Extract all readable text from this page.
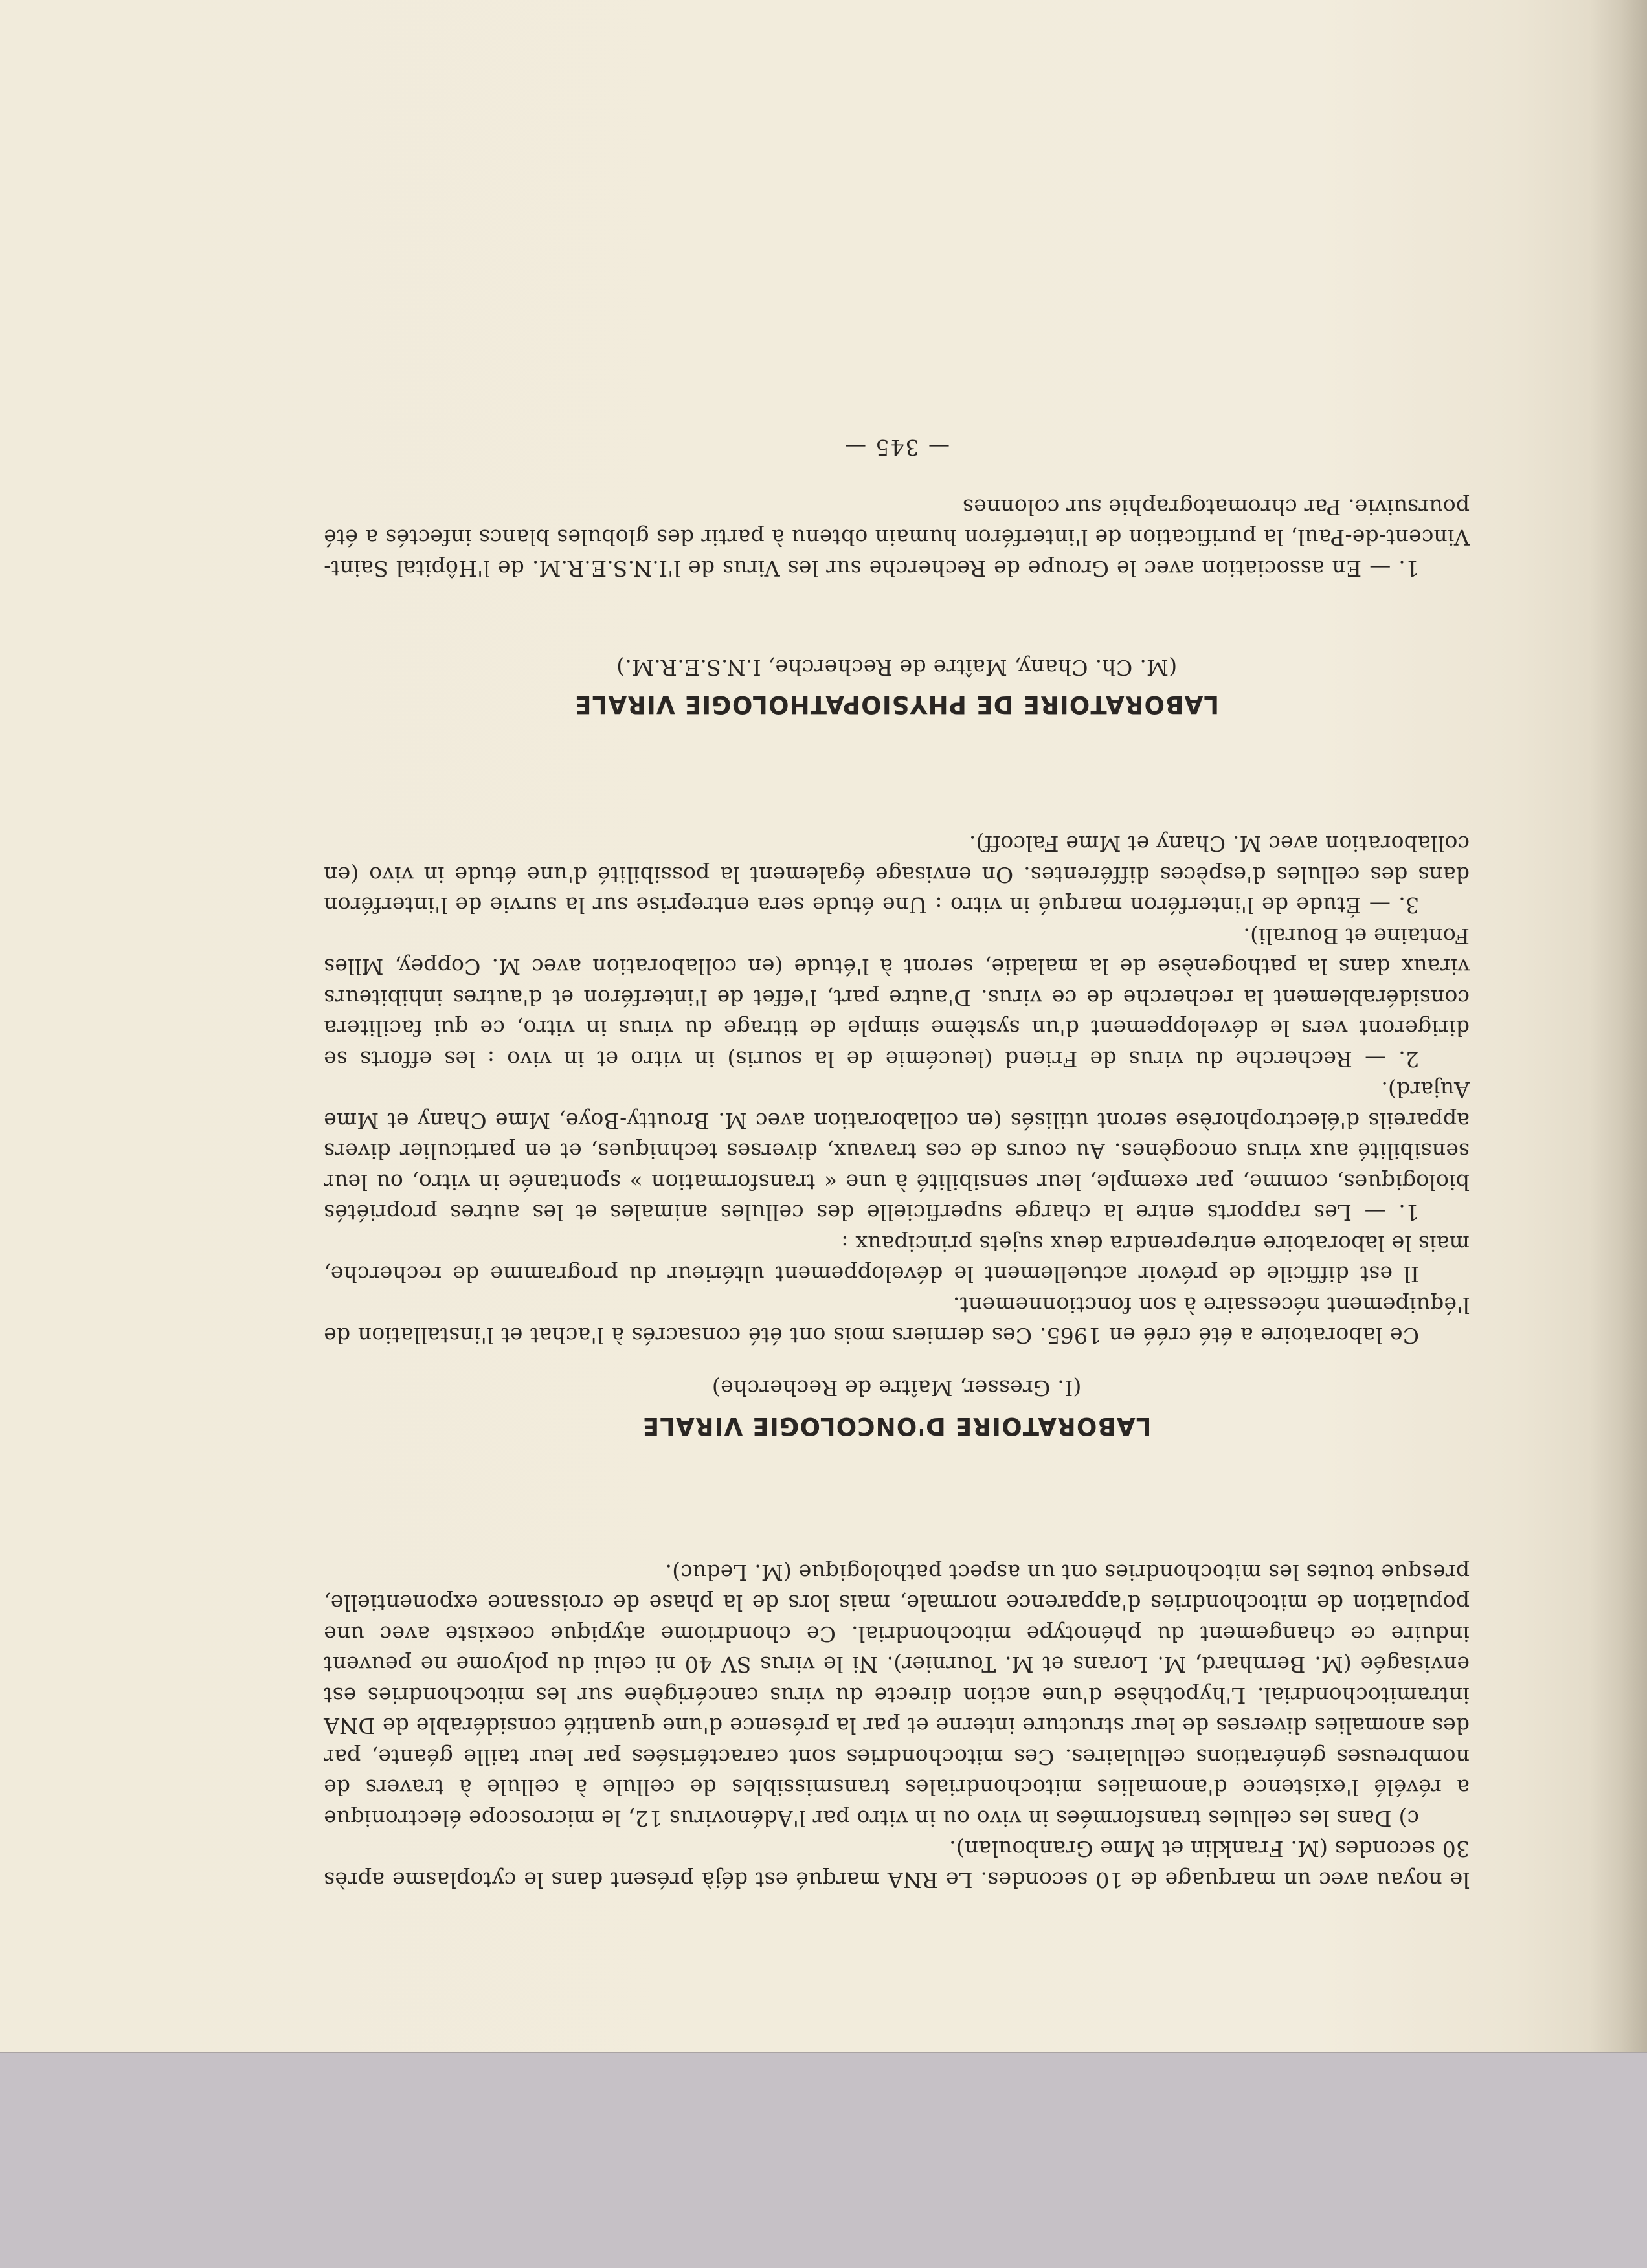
le noyau avec un marquage de 10 secondes. Le RNA marqué est déjà présent dans le cytoplasme après 30 secondes (M. Franklin et Mme Granboulan).

c) Dans les cellules transformées in vivo ou in vitro par l'Adénovirus 12, le microscope électronique a révélé l'existence d'anomalies mitochondriales transmissibles de cellule à cellule à travers de nombreuses générations cellulaires. Ces mitochondries sont caractérisées par leur taille géante, par des anomalies diverses de leur structure interne et par la présence d'une quantité considérable de DNA intramitochondrial. L'hypothèse d'une action directe du virus cancérigène sur les mitochondries est envisagée (M. Bernhard, M. Lorans et M. Tournier). Ni le virus SV 40 ni celui du polyome ne peuvent induire ce changement du phénotype mitochondrial. Ce chondriome atypique coexiste avec une population de mitochondries d'apparence normale, mais lors de la phase de croissance exponentielle, presque toutes les mitochondries ont un aspect pathologique (M. Leduc).

LABORATOIRE D'ONCOLOGIE VIRALE

(I. Gresser, Maître de Recherche)

Ce laboratoire a été créé en 1965. Ces derniers mois ont été consacrés à l'achat et l'installation de l'équipement nécessaire à son fonctionnement.

Il est difficile de prévoir actuellement le développement ultérieur du programme de recherche, mais le laboratoire entreprendra deux sujets principaux :

1. — Les rapports entre la charge superficielle des cellules animales et les autres propriétés biologiques, comme, par exemple, leur sensibilité à une « transformation » spontanée in vitro, ou leur sensibilité aux virus oncogènes. Au cours de ces travaux, diverses techniques, et en particulier divers appareils d'électrophorèse seront utilisés (en collaboration avec M. Broutty-Boye, Mme Chany et Mme Aujard).

2. — Recherche du virus de Friend (leucémie de la souris) in vitro et in vivo : les efforts se dirigeront vers le développement d'un système simple de titrage du virus in vitro, ce qui facilitera considérablement la recherche de ce virus. D'autre part, l'effet de l'interféron et d'autres inhibiteurs viraux dans la pathogenèse de la maladie, seront à l'étude (en collaboration avec M. Coppey, Mlles Fontaine et Bourali).

3. — Étude de l'interféron marqué in vitro : Une étude sera entreprise sur la survie de l'interféron dans des cellules d'espèces différentes. On envisage également la possibilité d'une étude in vivo (en collaboration avec M. Chany et Mme Falcoff).

LABORATOIRE DE PHYSIOPATHOLOGIE VIRALE

(M. Ch. Chany, Maître de Recherche, I.N.S.E.R.M.)

1. — En association avec le Groupe de Recherche sur les Virus de l'I.N.S.E.R.M. de l'Hôpital Saint-Vincent-de-Paul, la purification de l'interféron humain obtenu à partir des globules blancs infectés a été poursuivie. Par chromatographie sur colonnes

— 345 —
